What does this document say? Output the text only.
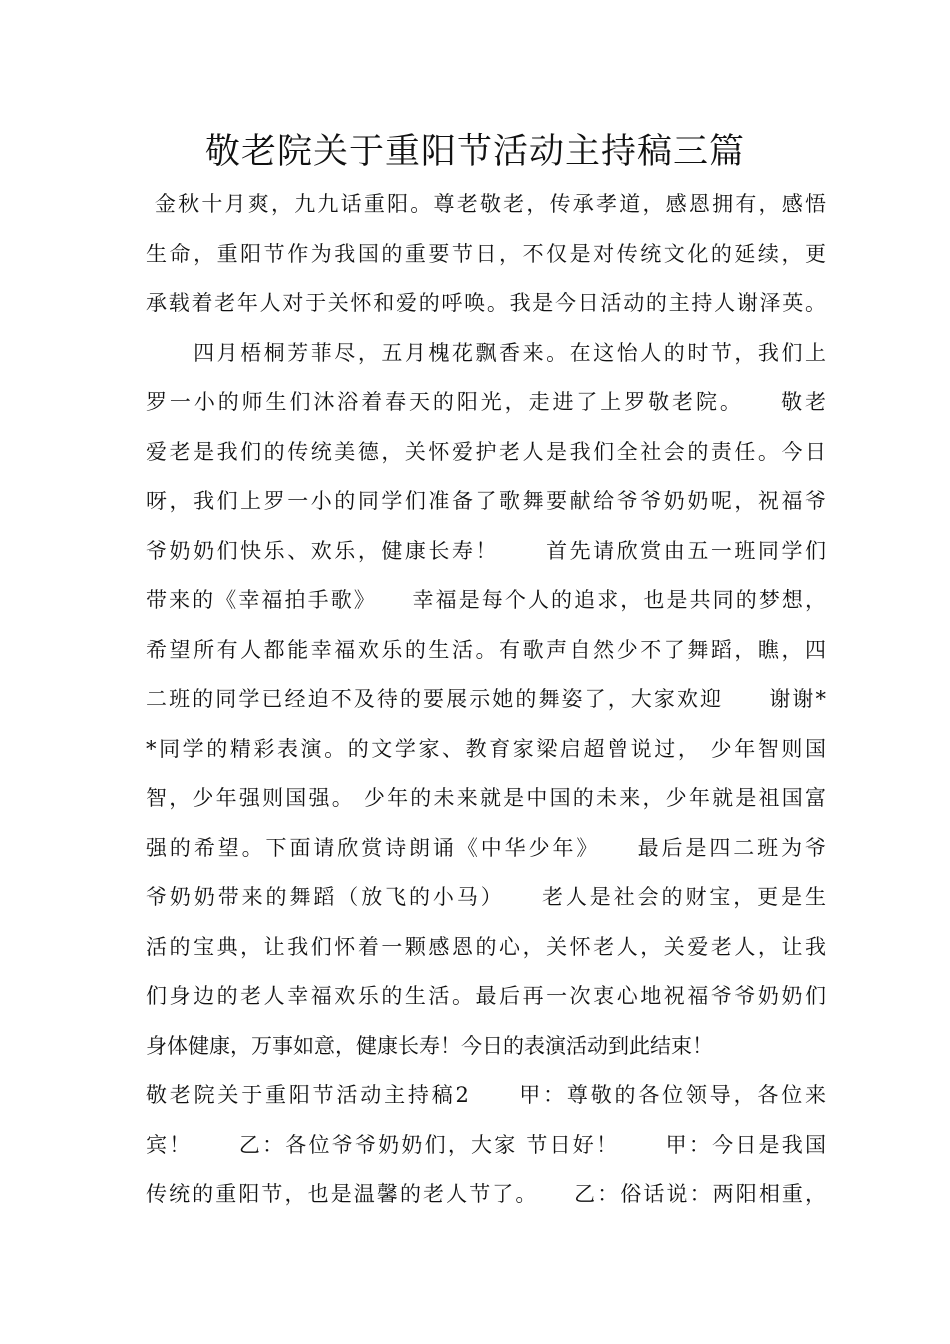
敬老院关于重阳节活动主持稿三篇
金秋十月爽，九九话重阳。尊老敬老，传承孝道，感恩拥有，感悟
生命，重阳节作为我国的重要节日，不仅是对传统文化的延续，更
承载着老年人对于关怀和爱的呼唤。我是今日活动的主持人谢泽英。
　　四月梧桐芳菲尽，五月槐花飘香来。在这怡人的时节，我们上
罗一小的师生们沐浴着春天的阳光，走进了上罗敬老院。　　敬老
爱老是我们的传统美德，关怀爱护老人是我们全社会的责任。今日
呀，我们上罗一小的同学们准备了歌舞要献给爷爷奶奶呢，祝福爷
爷奶奶们快乐、欢乐，健康长寿！　　首先请欣赏由五一班同学们
带来的《幸福拍手歌》　　幸福是每个人的追求，也是共同的梦想，
希望所有人都能幸福欢乐的生活。有歌声自然少不了舞蹈，瞧，四
二班的同学已经迫不及待的要展示她的舞姿了，大家欢迎　　谢谢*
*同学的精彩表演。的文学家、教育家梁启超曾说过， 少年智则国
智，少年强则国强。 少年的未来就是中国的未来，少年就是祖国富
强的希望。下面请欣赏诗朗诵《中华少年》　　最后是四二班为爷
爷奶奶带来的舞蹈（放飞的小马）　　老人是社会的财宝，更是生
活的宝典，让我们怀着一颗感恩的心，关怀老人，关爱老人，让我
们身边的老人幸福欢乐的生活。最后再一次衷心地祝福爷爷奶奶们
身体健康，万事如意，健康长寿！今日的表演活动到此结束！
敬老院关于重阳节活动主持稿2　　甲：尊敬的各位领导，各位来
宾！　　乙：各位爷爷奶奶们，大家 节日好！　　甲：今日是我国
传统的重阳节，也是温馨的老人节了。　　乙：俗话说：两阳相重，
